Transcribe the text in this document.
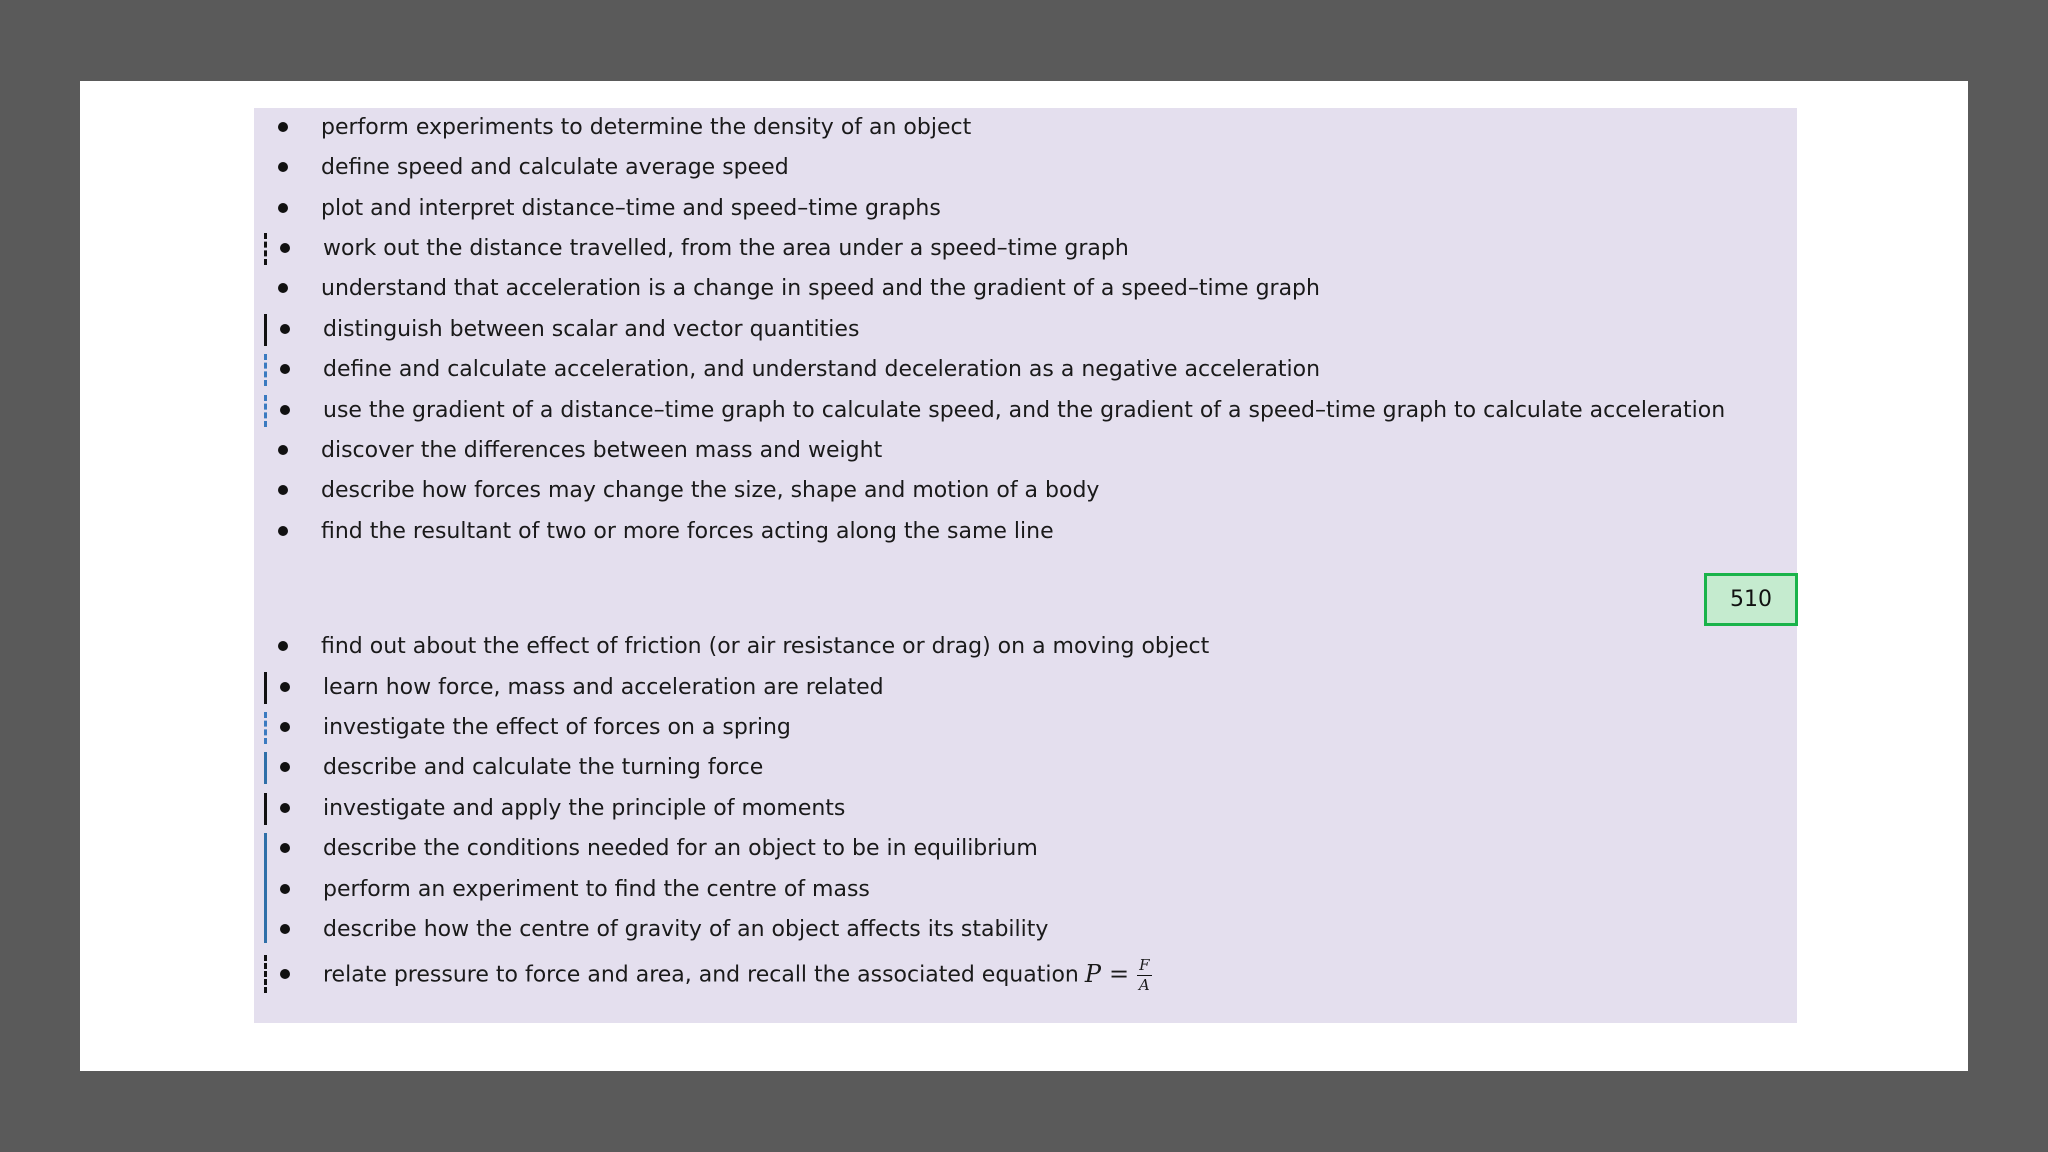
perform experiments to determine the density of an object
define speed and calculate average speed
plot and interpret distance–time and speed–time graphs
work out the distance travelled, from the area under a speed–time graph
understand that acceleration is a change in speed and the gradient of a speed–time graph
distinguish between scalar and vector quantities
define and calculate acceleration, and understand deceleration as a negative acceleration
use the gradient of a distance–time graph to calculate speed, and the gradient of a speed–time graph to calculate acceleration
discover the differences between mass and weight
describe how forces may change the size, shape and motion of a body
find the resultant of two or more forces acting along the same line
510
find out about the effect of friction (or air resistance or drag) on a moving object
learn how force, mass and acceleration are related
investigate the effect of forces on a spring
describe and calculate the turning force
investigate and apply the principle of moments
describe the conditions needed for an object to be in equilibrium
perform an experiment to find the centre of mass
describe how the centre of gravity of an object affects its stability
relate pressure to force and area, and recall the associated equation $P = \frac{F}{A}$
